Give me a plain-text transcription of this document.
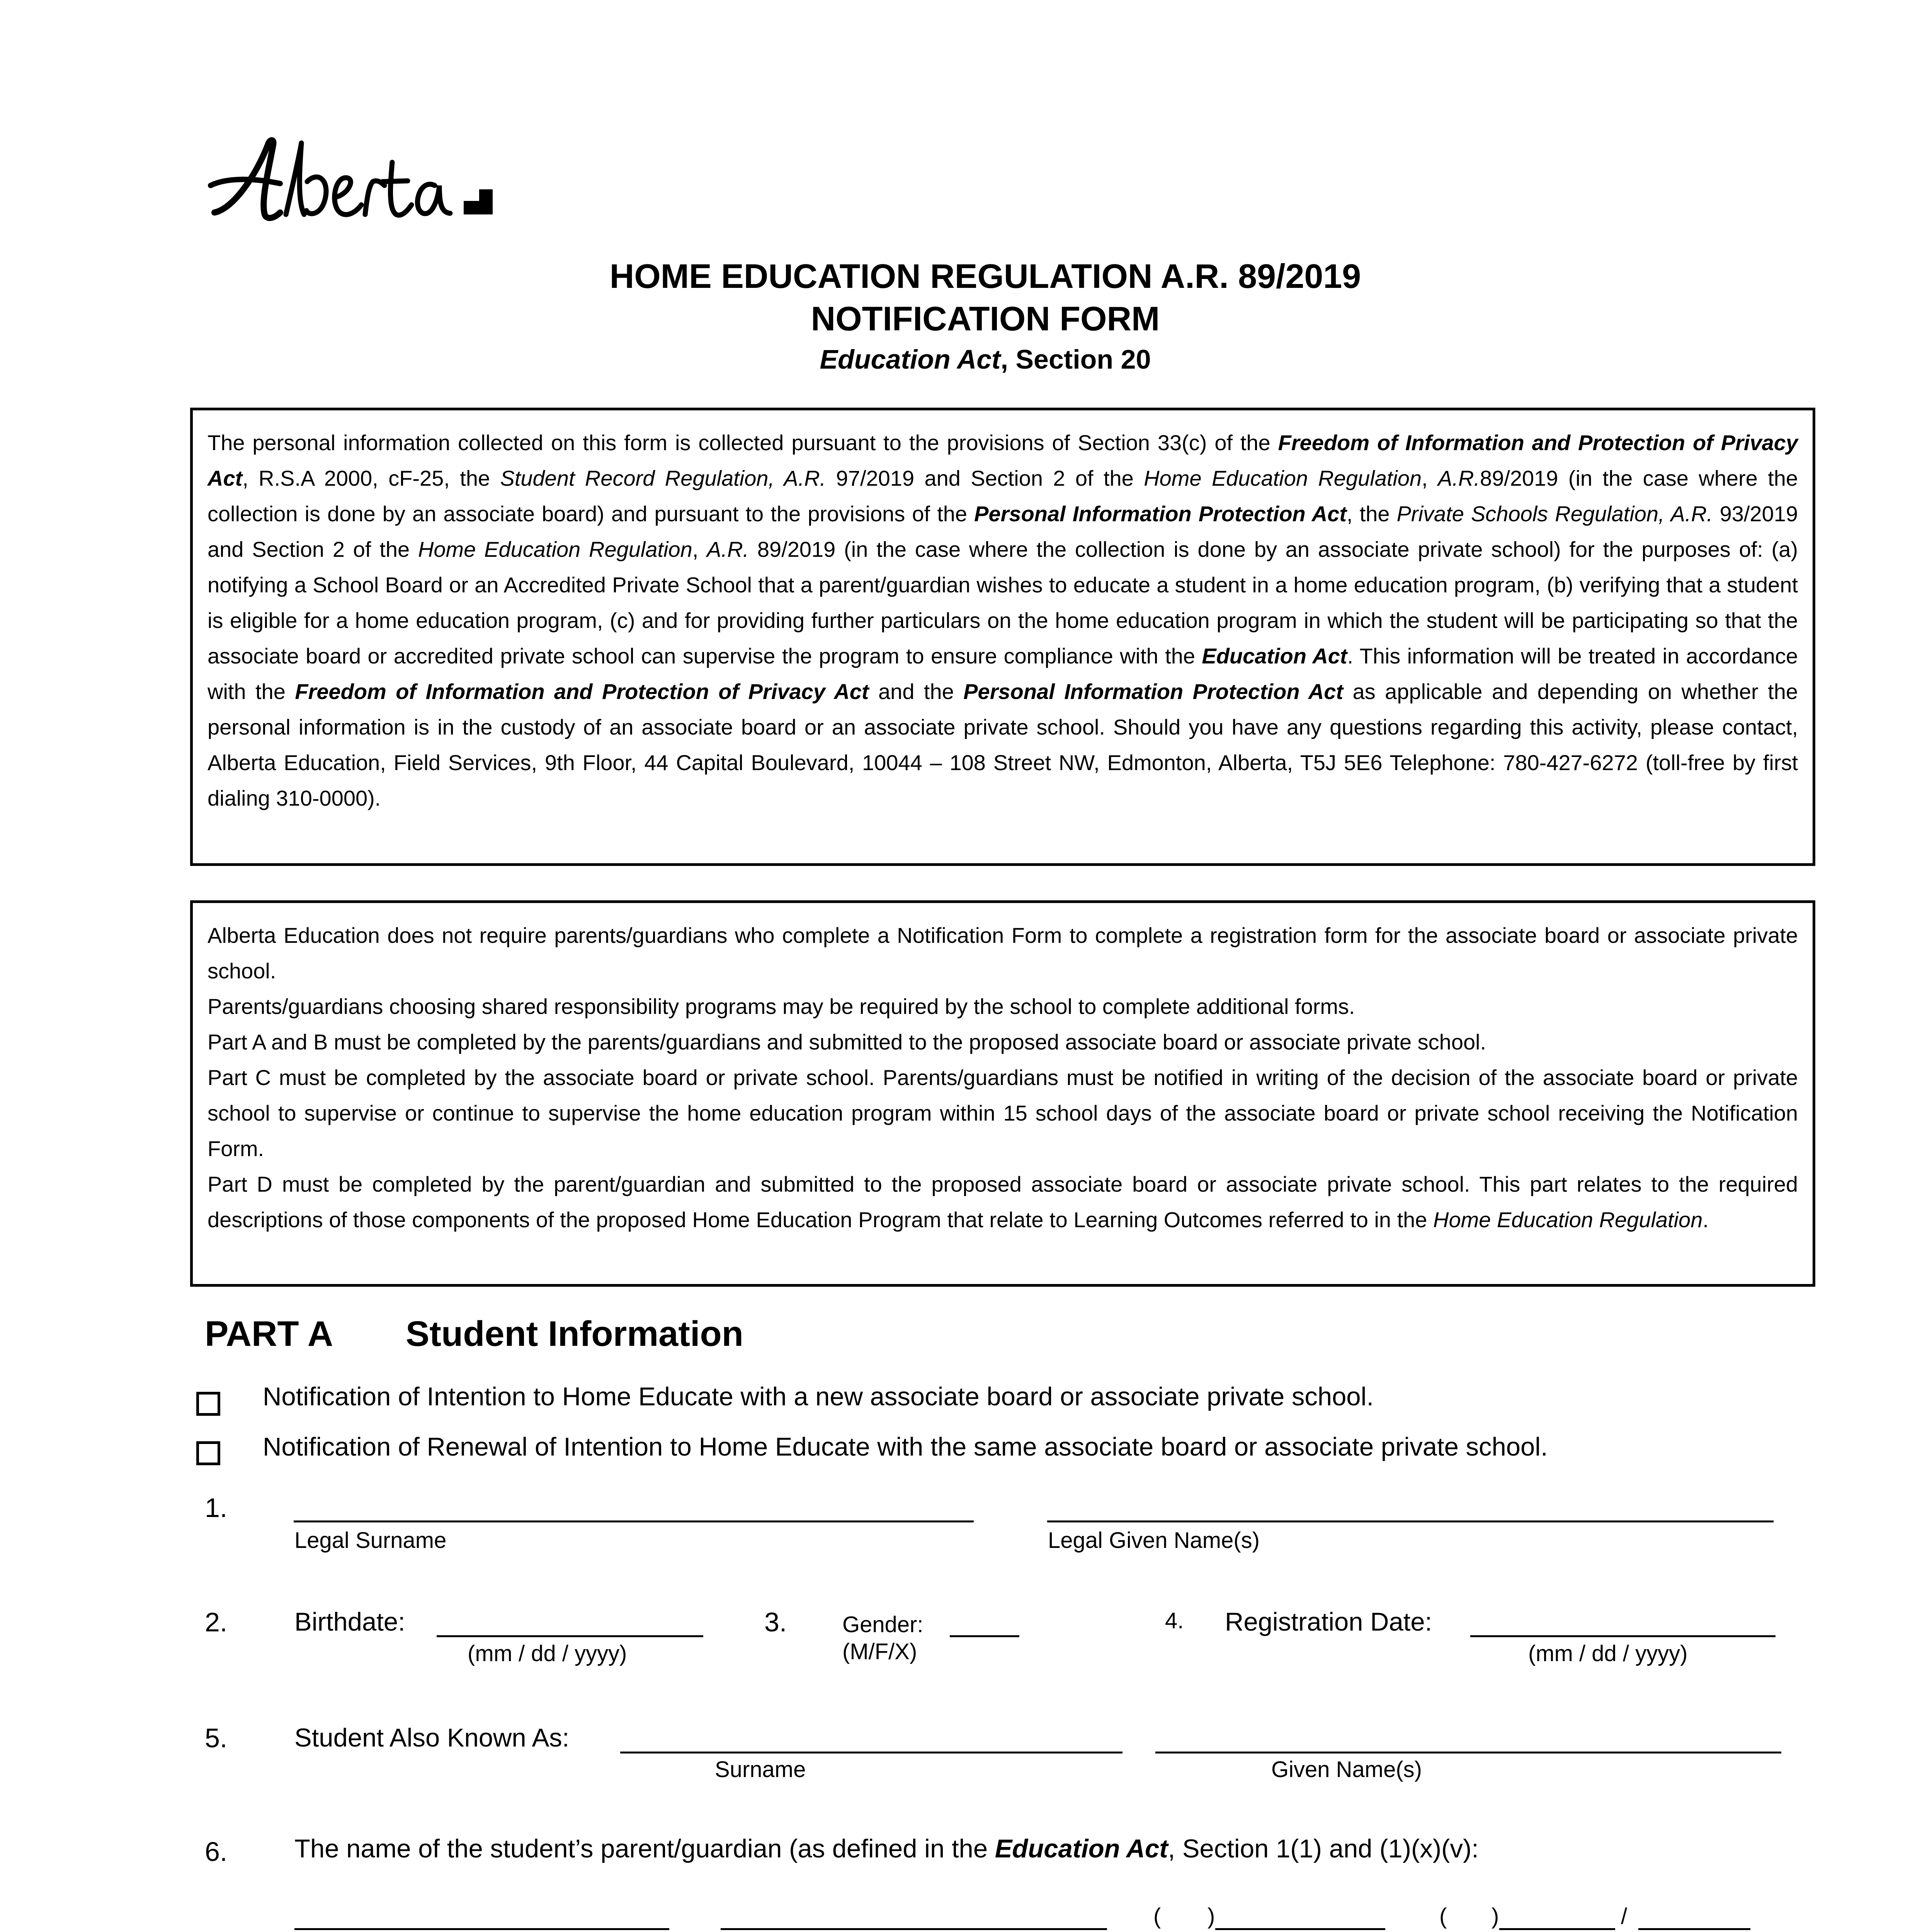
HOME EDUCATION REGULATION A.R. 89/2019
NOTIFICATION FORM
Education Act, Section 20

The personal information collected on this form is collected pursuant to the provisions of Section 33(c) of the Freedom of Information and Protection of Privacy Act, R.S.A 2000, cF-25, the Student Record Regulation, A.R. 97/2019 and Section 2 of the Home Education Regulation, A.R.89/2019 (in the case where the collection is done by an associate board) and pursuant to the provisions of the Personal Information Protection Act, the Private Schools Regulation, A.R. 93/2019 and Section 2 of the Home Education Regulation, A.R. 89/2019 (in the case where the collection is done by an associate private school) for the purposes of: (a) notifying a School Board or an Accredited Private School that a parent/guardian wishes to educate a student in a home education program, (b) verifying that a student is eligible for a home education program, (c) and for providing further particulars on the home education program in which the student will be participating so that the associate board or accredited private school can supervise the program to ensure compliance with the Education Act. This information will be treated in accordance with the Freedom of Information and Protection of Privacy Act and the Personal Information Protection Act as applicable and depending on whether the personal information is in the custody of an associate board or an associate private school. Should you have any questions regarding this activity, please contact, Alberta Education, Field Services, 9th Floor, 44 Capital Boulevard, 10044 – 108 Street NW, Edmonton, Alberta, T5J 5E6 Telephone: 780-427-6272 (toll-free by first dialing 310-0000).

Alberta Education does not require parents/guardians who complete a Notification Form to complete a registration form for the associate board or associate private school.

Parents/guardians choosing shared responsibility programs may be required by the school to complete additional forms.

Part A and B must be completed by the parents/guardians and submitted to the proposed associate board or associate private school.

Part C must be completed by the associate board or private school. Parents/guardians must be notified in writing of the decision of the associate board or private school to supervise or continue to supervise the home education program within 15 school days of the associate board or private school receiving the Notification Form.

Part D must be completed by the parent/guardian and submitted to the proposed associate board or associate private school. This part relates to the required descriptions of those components of the proposed Home Education Program that relate to Learning Outcomes referred to in the Home Education Regulation.

PART A Student Information
Notification of Intention to Home Educate with a new associate board or associate private school.
Notification of Renewal of Intention to Home Educate with the same associate board or associate private school.
1.
Legal Surname	Legal Given Name(s)
2.	Birthdate:
(mm / dd / yyyy)
3. Gender:
(M/F/X)
4. Registration Date:
(mm / dd / yyyy)
5.	Student Also Known As:
Surname	Given Name(s)
6.	The name of the student’s parent/guardian (as defined in the Education Act, Section 1(1) and (1)(x)(v):
( )	( )	/
